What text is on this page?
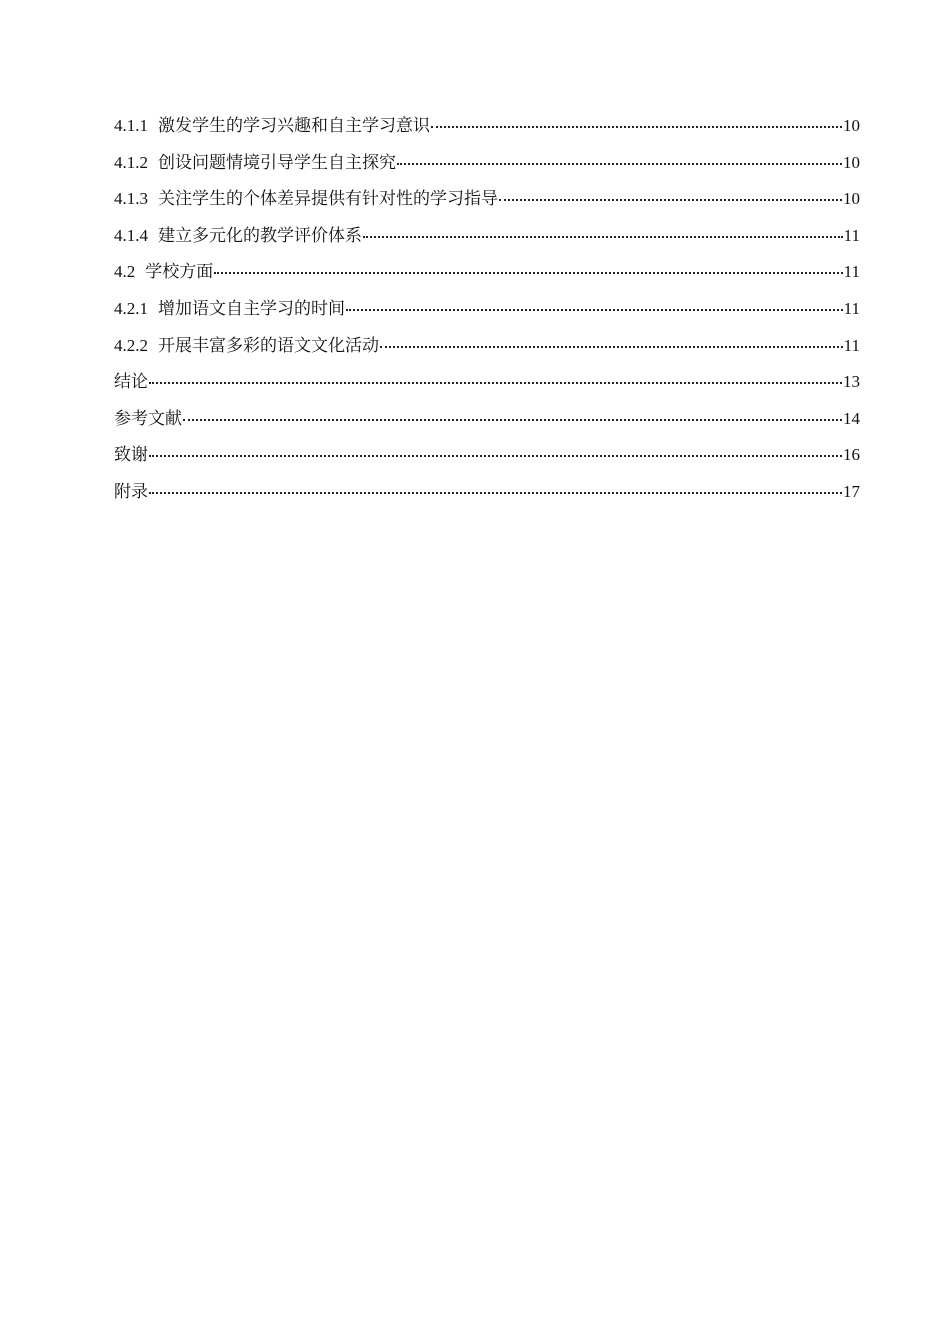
4.1.1 激发学生的学习兴趣和自主学习意识	10
4.1.2 创设问题情境引导学生自主探究	10
4.1.3 关注学生的个体差异提供有针对性的学习指导	10
4.1.4 建立多元化的教学评价体系	11
4.2 学校方面	11
4.2.1 增加语文自主学习的时间	11
4.2.2 开展丰富多彩的语文文化活动	11
结论	13
参考文献	14
致谢	16
附录	17
